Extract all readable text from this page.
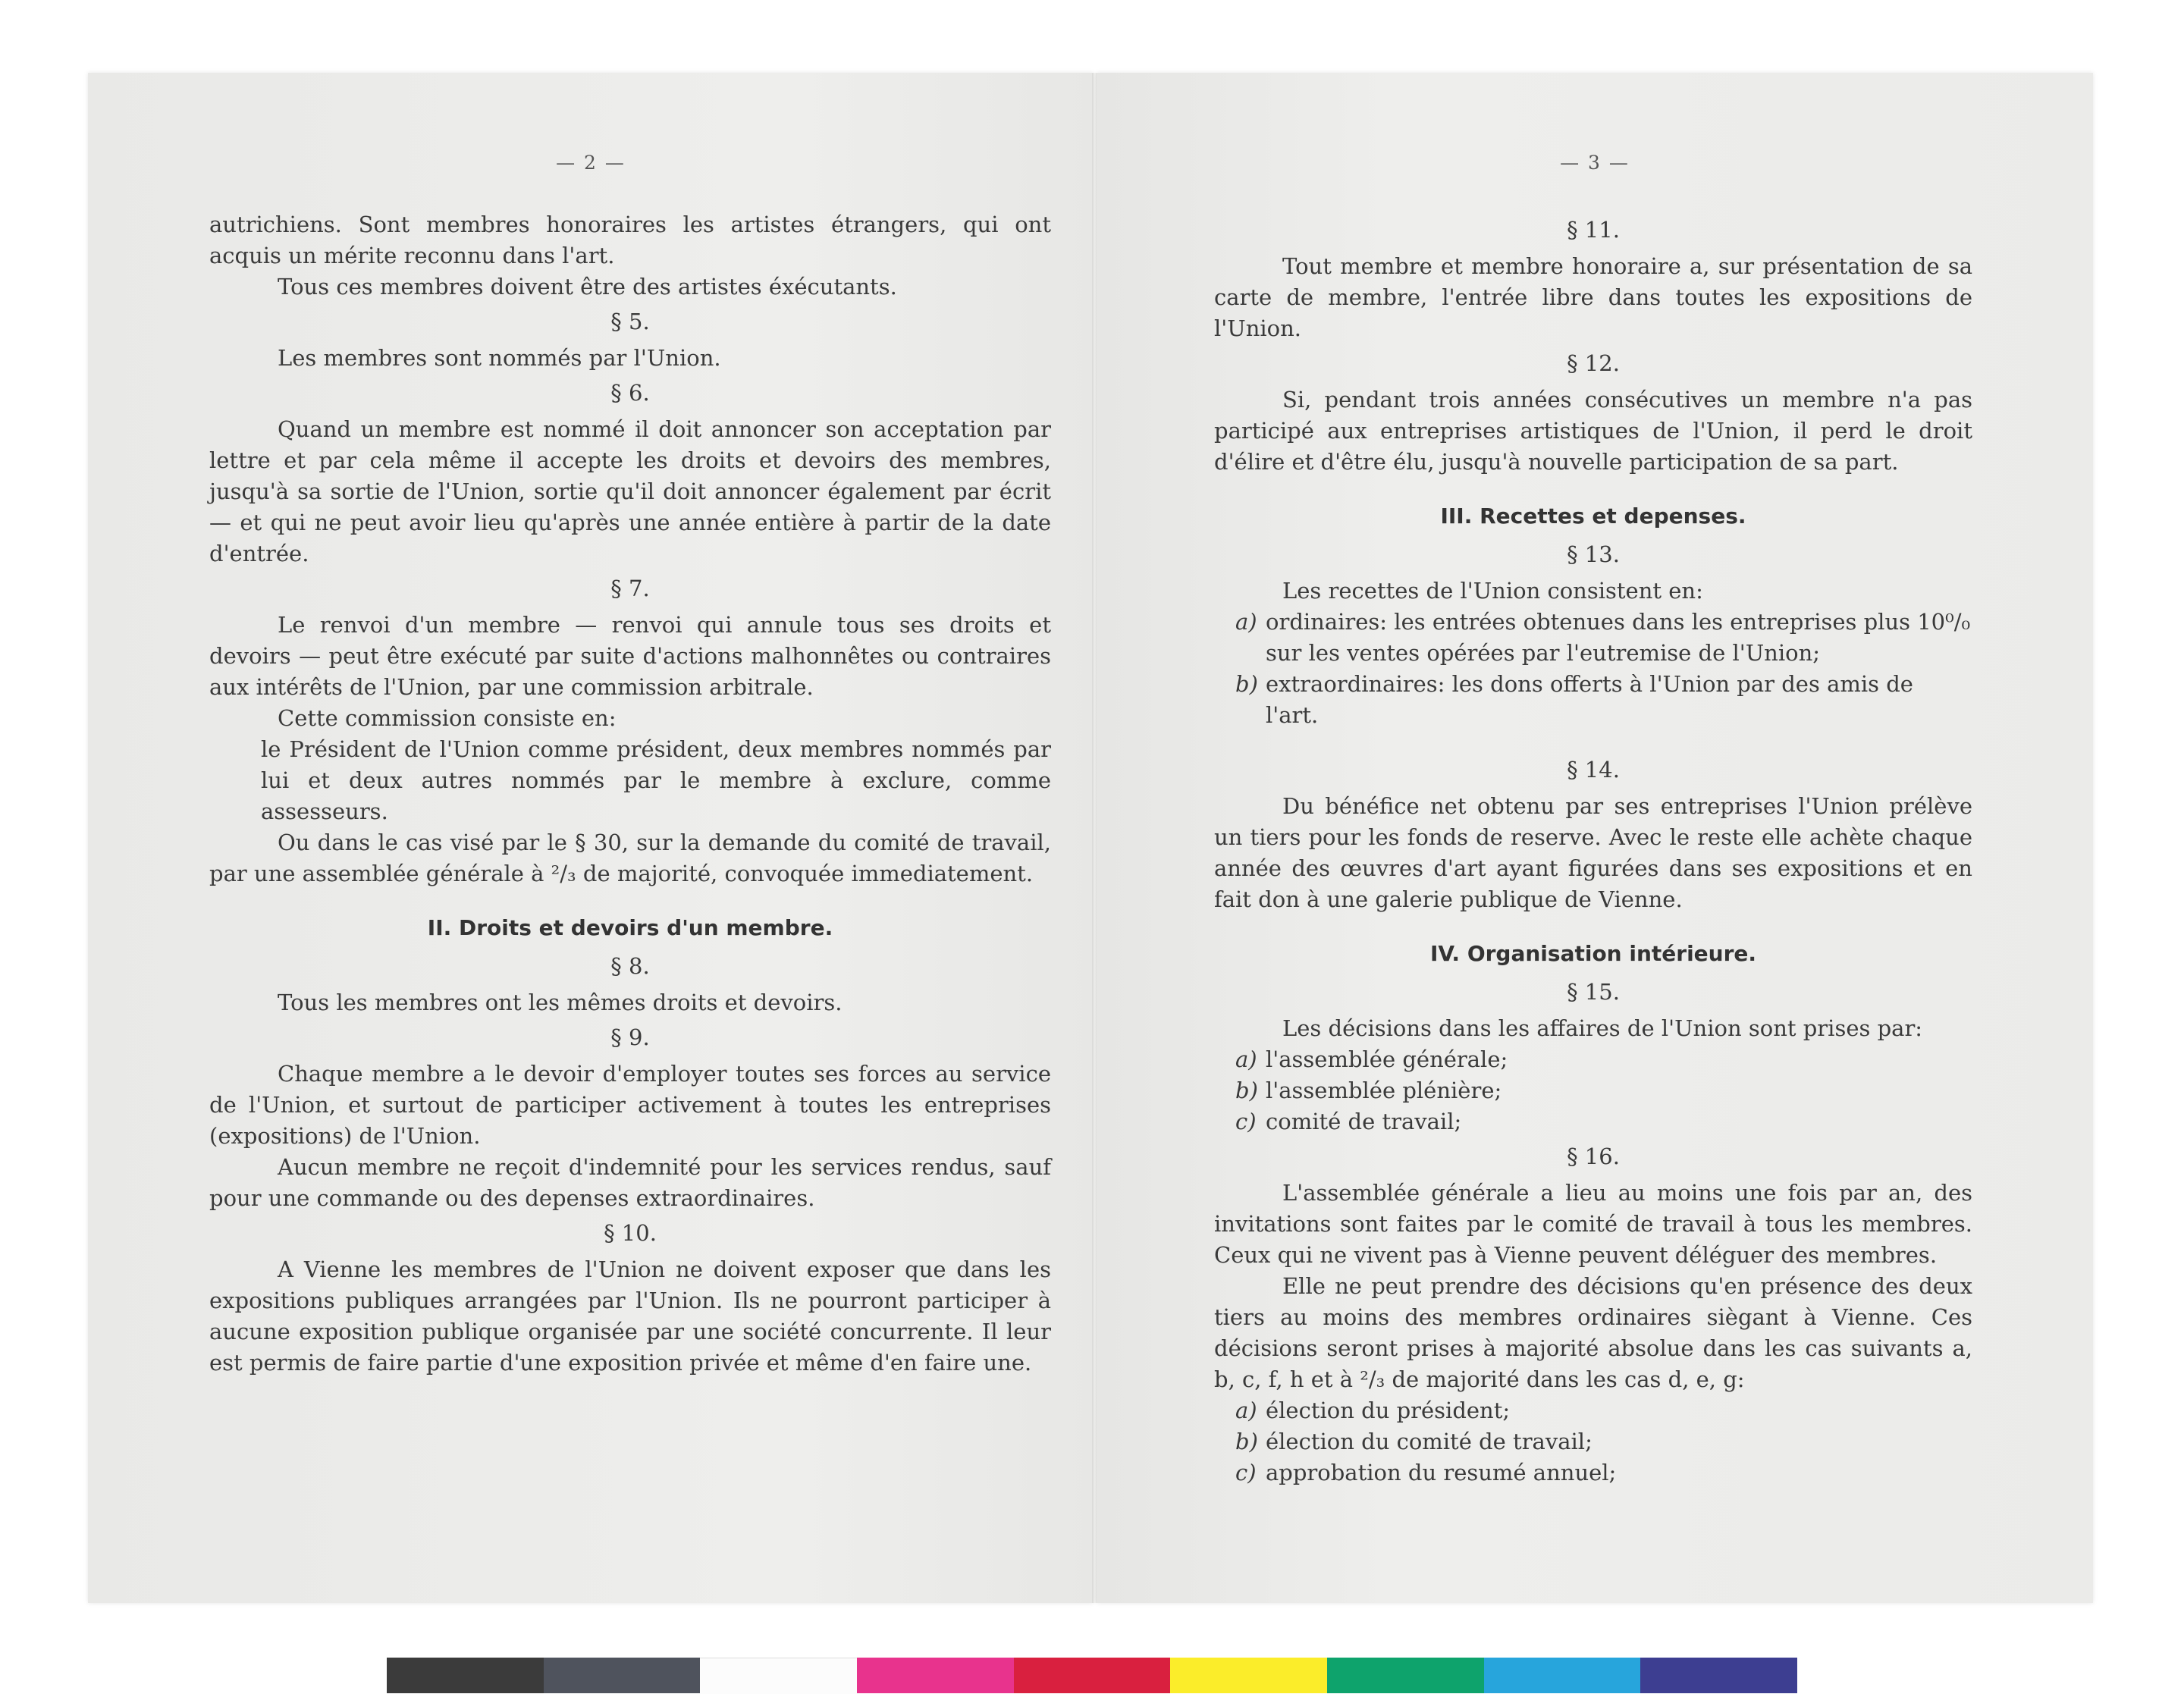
— 2 —

autrichiens. Sont membres honoraires les artistes étrangers, qui ont acquis un mérite reconnu dans l'art.

Tous ces membres doivent être des artistes éxécutants.

§ 5.

Les membres sont nommés par l'Union.

§ 6.

Quand un membre est nommé il doit annoncer son acceptation par lettre et par cela même il accepte les droits et devoirs des membres, jusqu'à sa sortie de l'Union, sortie qu'il doit annoncer également par écrit — et qui ne peut avoir lieu qu'après une année entière à partir de la date d'entrée.

§ 7.

Le renvoi d'un membre — renvoi qui annule tous ses droits et devoirs — peut être exécuté par suite d'actions malhonnêtes ou contraires aux intérêts de l'Union, par une commission arbitrale.

Cette commission consiste en:

le Président de l'Union comme président, deux membres nommés par lui et deux autres nommés par le membre à exclure, comme assesseurs.

Ou dans le cas visé par le § 30, sur la demande du comité de travail, par une assemblée générale à ²/₃ de majorité, convoquée immediatement.

II. Droits et devoirs d'un membre.
§ 8.

Tous les membres ont les mêmes droits et devoirs.

§ 9.

Chaque membre a le devoir d'employer toutes ses forces au service de l'Union, et surtout de participer activement à toutes les entreprises (expositions) de l'Union.

Aucun membre ne reçoit d'indemnité pour les services rendus, sauf pour une commande ou des depenses extraordinaires.

§ 10.

A Vienne les membres de l'Union ne doivent exposer que dans les expositions publiques arrangées par l'Union. Ils ne pourront participer à aucune exposition publique organisée par une société concurrente. Il leur est permis de faire partie d'une exposition privée et même d'en faire une.

— 3 —
§ 11.

Tout membre et membre honoraire a, sur présentation de sa carte de membre, l'entrée libre dans toutes les expositions de l'Union.

§ 12.

Si, pendant trois années consécutives un membre n'a pas participé aux entreprises artistiques de l'Union, il perd le droit d'élire et d'être élu, jusqu'à nouvelle participation de sa part.

III. Recettes et depenses.
§ 13.

Les recettes de l'Union consistent en:

a) ordinaires: les entrées obtenues dans les entreprises plus 10⁰/₀ sur les ventes opérées par l'eutremise de l'Union;
b) extraordinaires: les dons offerts à l'Union par des amis de l'art.
§ 14.

Du bénéfice net obtenu par ses entreprises l'Union prélève un tiers pour les fonds de reserve. Avec le reste elle achète chaque année des œuvres d'art ayant figurées dans ses expositions et en fait don à une galerie publique de Vienne.

IV. Organisation intérieure.
§ 15.

Les décisions dans les affaires de l'Union sont prises par:

a) l'assemblée générale;
b) l'assemblée plénière;
c) comité de travail;
§ 16.

L'assemblée générale a lieu au moins une fois par an, des invitations sont faites par le comité de travail à tous les membres. Ceux qui ne vivent pas à Vienne peuvent déléguer des membres.

Elle ne peut prendre des décisions qu'en présence des deux tiers au moins des membres ordinaires siègant à Vienne. Ces décisions seront prises à majorité absolue dans les cas suivants a, b, c, f, h et à ²/₃ de majorité dans les cas d, e, g:

a) élection du président;
b) élection du comité de travail;
c) approbation du resumé annuel;
